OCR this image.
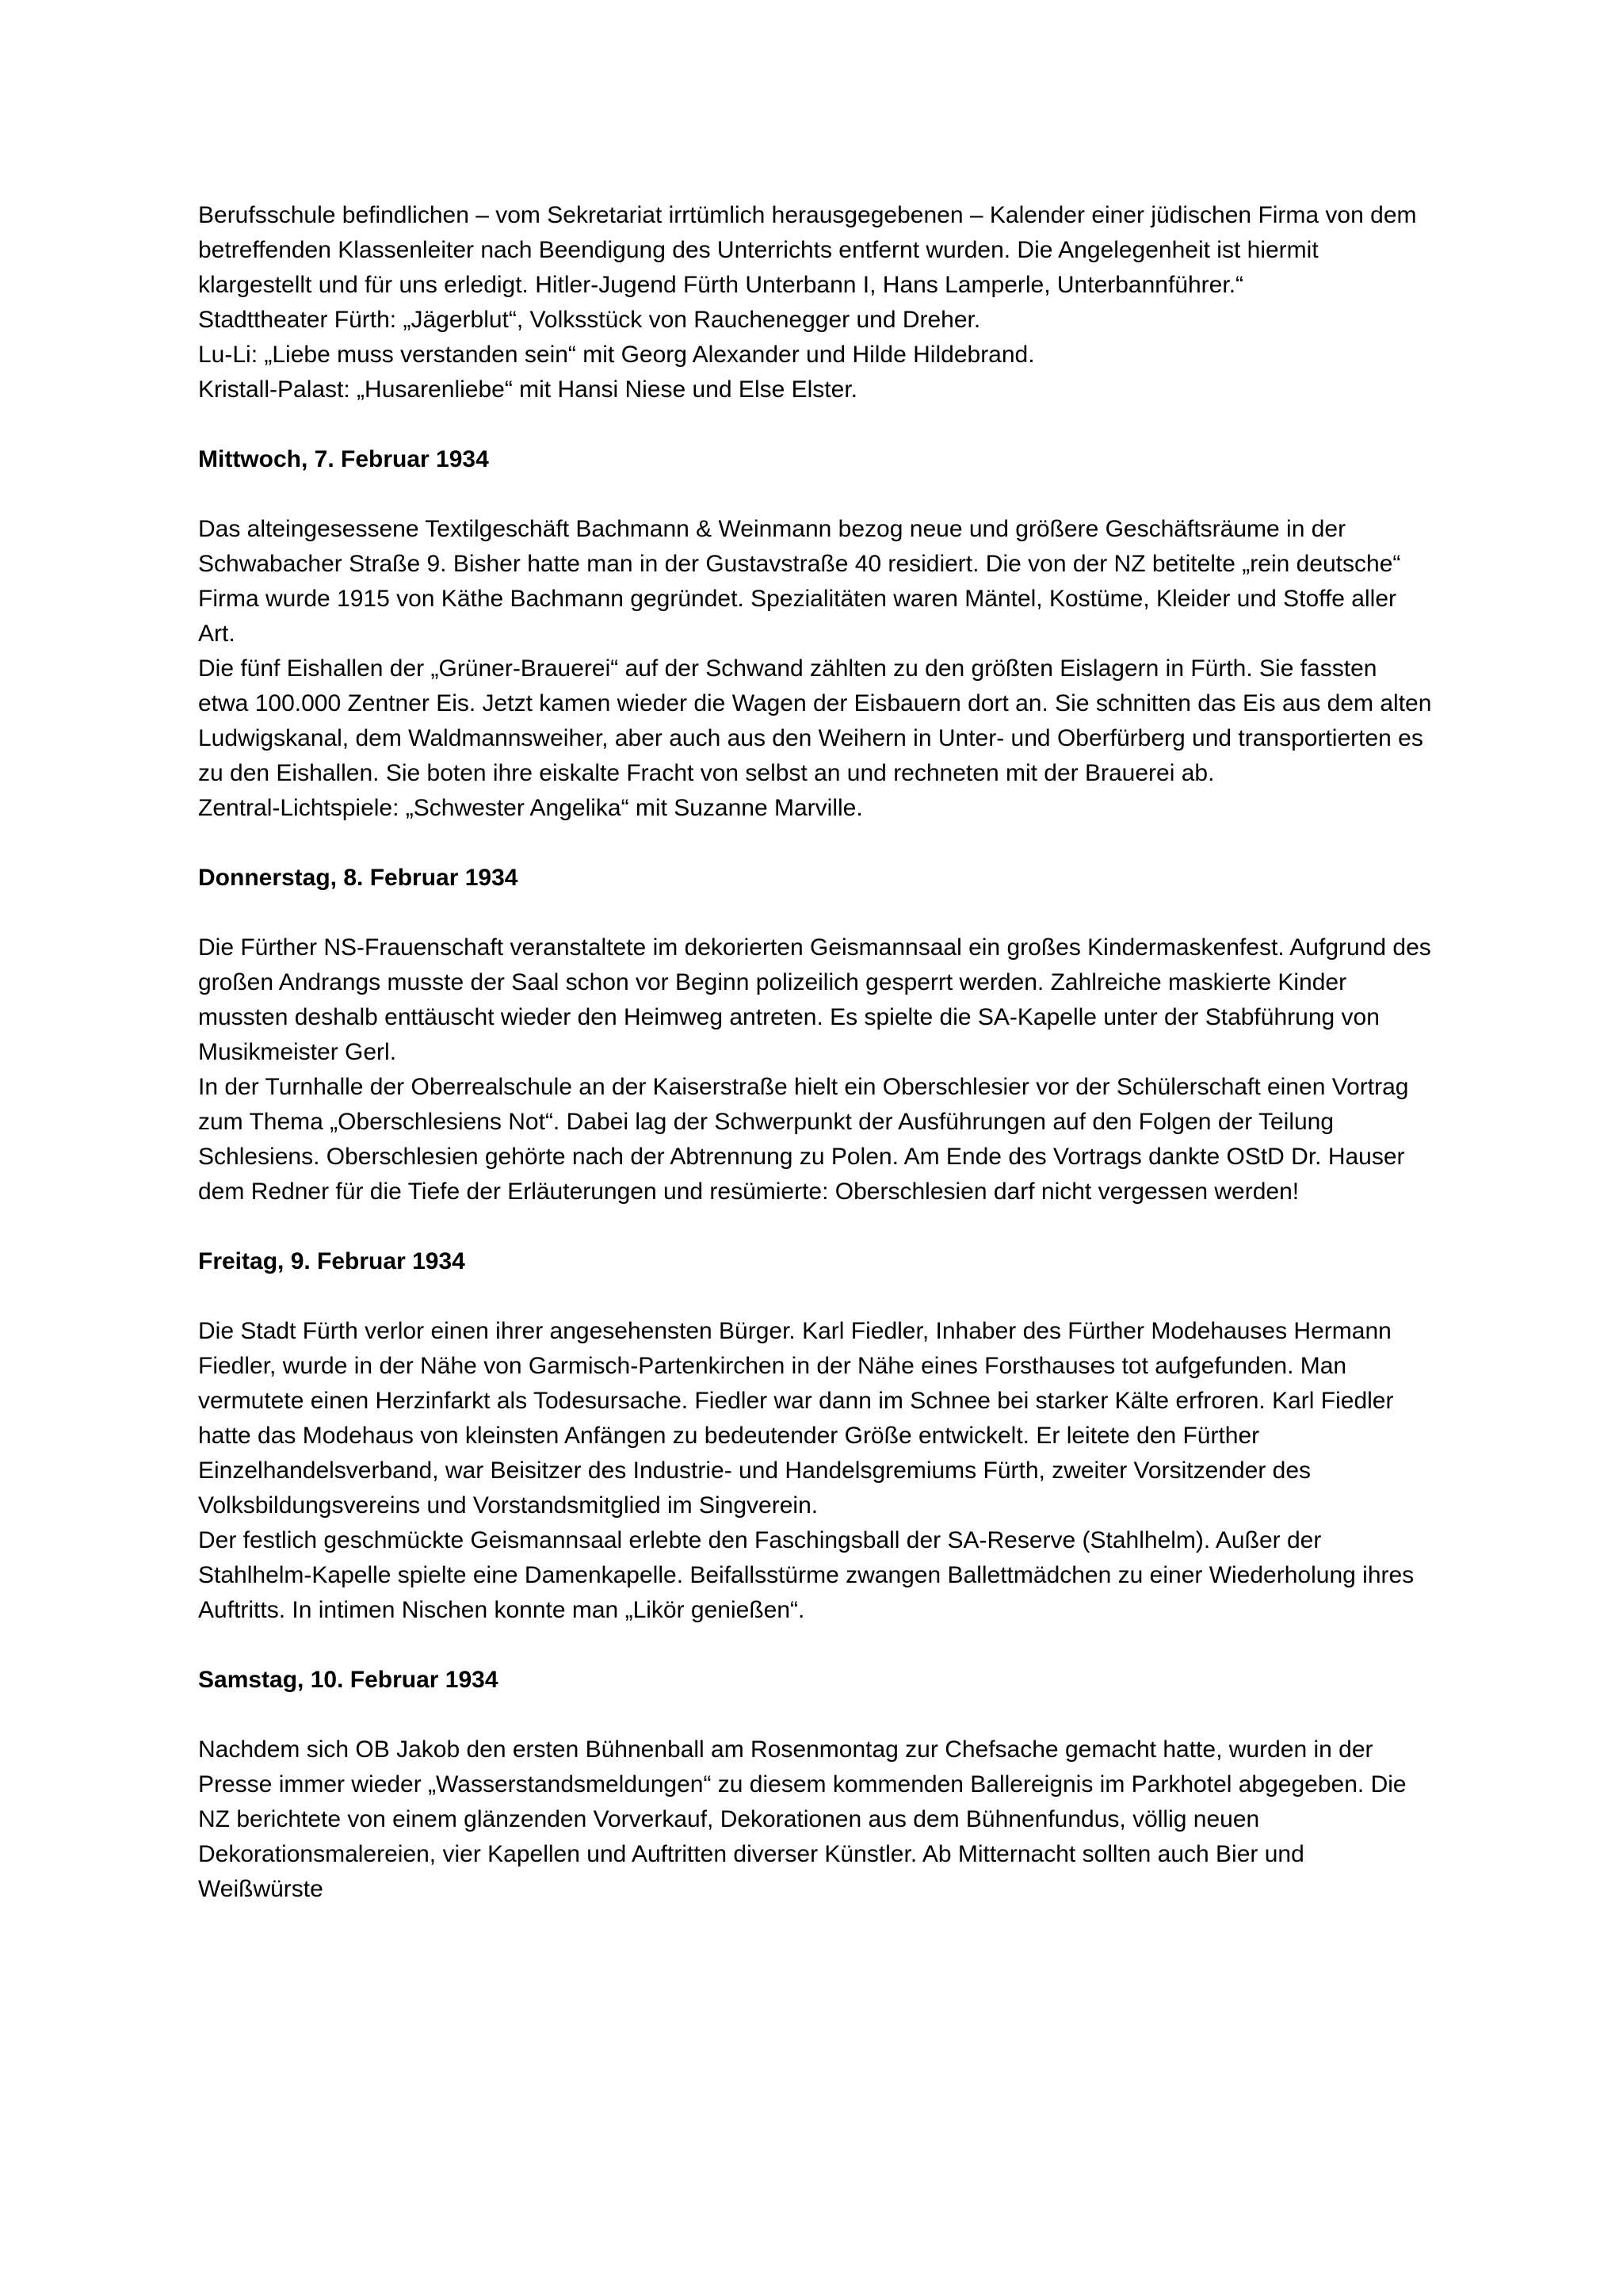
Berufsschule befindlichen – vom Sekretariat irrtümlich herausgegebenen – Kalender einer jüdischen Firma von dem betreffenden Klassenleiter nach Beendigung des Unterrichts entfernt wurden. Die Angelegenheit ist hiermit klargestellt und für uns erledigt. Hitler-Jugend Fürth Unterbann I, Hans Lamperle, Unterbannführer.“

Stadttheater Fürth: „Jägerblut“, Volksstück von Rauchenegger und Dreher.

Lu-Li: „Liebe muss verstanden sein“ mit Georg Alexander und Hilde Hildebrand.

Kristall-Palast: „Husarenliebe“ mit Hansi Niese und Else Elster.

Mittwoch, 7. Februar 1934

Das alteingesessene Textilgeschäft Bachmann & Weinmann bezog neue und größere Geschäftsräume in der Schwabacher Straße 9. Bisher hatte man in der Gustavstraße 40 residiert. Die von der NZ betitelte „rein deutsche“ Firma wurde 1915 von Käthe Bachmann gegründet. Spezialitäten waren Mäntel, Kostüme, Kleider und Stoffe aller Art.

Die fünf Eishallen der „Grüner-Brauerei“ auf der Schwand zählten zu den größten Eislagern in Fürth. Sie fassten etwa 100.000 Zentner Eis. Jetzt kamen wieder die Wagen der Eisbauern dort an. Sie schnitten das Eis aus dem alten Ludwigskanal, dem Waldmannsweiher, aber auch aus den Weihern in Unter- und Oberfürberg und transportierten es zu den Eishallen. Sie boten ihre eiskalte Fracht von selbst an und rechneten mit der Brauerei ab.

Zentral-Lichtspiele: „Schwester Angelika“ mit Suzanne Marville.

Donnerstag, 8. Februar 1934

Die Fürther NS-Frauenschaft veranstaltete im dekorierten Geismannsaal ein großes Kindermaskenfest. Aufgrund des großen Andrangs musste der Saal schon vor Beginn polizeilich gesperrt werden. Zahlreiche maskierte Kinder mussten deshalb enttäuscht wieder den Heimweg antreten. Es spielte die SA-Kapelle unter der Stabführung von Musikmeister Gerl.

In der Turnhalle der Oberrealschule an der Kaiserstraße hielt ein Oberschlesier vor der Schülerschaft einen Vortrag zum Thema „Oberschlesiens Not“. Dabei lag der Schwerpunkt der Ausführungen auf den Folgen der Teilung Schlesiens. Oberschlesien gehörte nach der Abtrennung zu Polen. Am Ende des Vortrags dankte OStD Dr. Hauser dem Redner für die Tiefe der Erläuterungen und resümierte: Oberschlesien darf nicht vergessen werden!

Freitag, 9. Februar 1934

Die Stadt Fürth verlor einen ihrer angesehensten Bürger. Karl Fiedler, Inhaber des Fürther Modehauses Hermann Fiedler, wurde in der Nähe von Garmisch-Partenkirchen in der Nähe eines Forsthauses tot aufgefunden. Man vermutete einen Herzinfarkt als Todesursache. Fiedler war dann im Schnee bei starker Kälte erfroren. Karl Fiedler hatte das Modehaus von kleinsten Anfängen zu bedeutender Größe entwickelt. Er leitete den Fürther Einzelhandelsverband, war Beisitzer des Industrie- und Handelsgremiums Fürth, zweiter Vorsitzender des Volksbildungsvereins und Vorstandsmitglied im Singverein.

Der festlich geschmückte Geismannsaal erlebte den Faschingsball der SA-Reserve (Stahlhelm). Außer der Stahlhelm-Kapelle spielte eine Damenkapelle. Beifallsstürme zwangen Ballettmädchen zu einer Wiederholung ihres Auftritts. In intimen Nischen konnte man „Likör genießen“.

Samstag, 10. Februar 1934

Nachdem sich OB Jakob den ersten Bühnenball am Rosenmontag zur Chefsache gemacht hatte, wurden in der Presse immer wieder „Wasserstandsmeldungen“ zu diesem kommenden Ballereignis im Parkhotel abgegeben. Die NZ berichtete von einem glänzenden Vorverkauf, Dekorationen aus dem Bühnenfundus, völlig neuen Dekorationsmalereien, vier Kapellen und Auftritten diverser Künstler. Ab Mitternacht sollten auch Bier und Weißwürste
